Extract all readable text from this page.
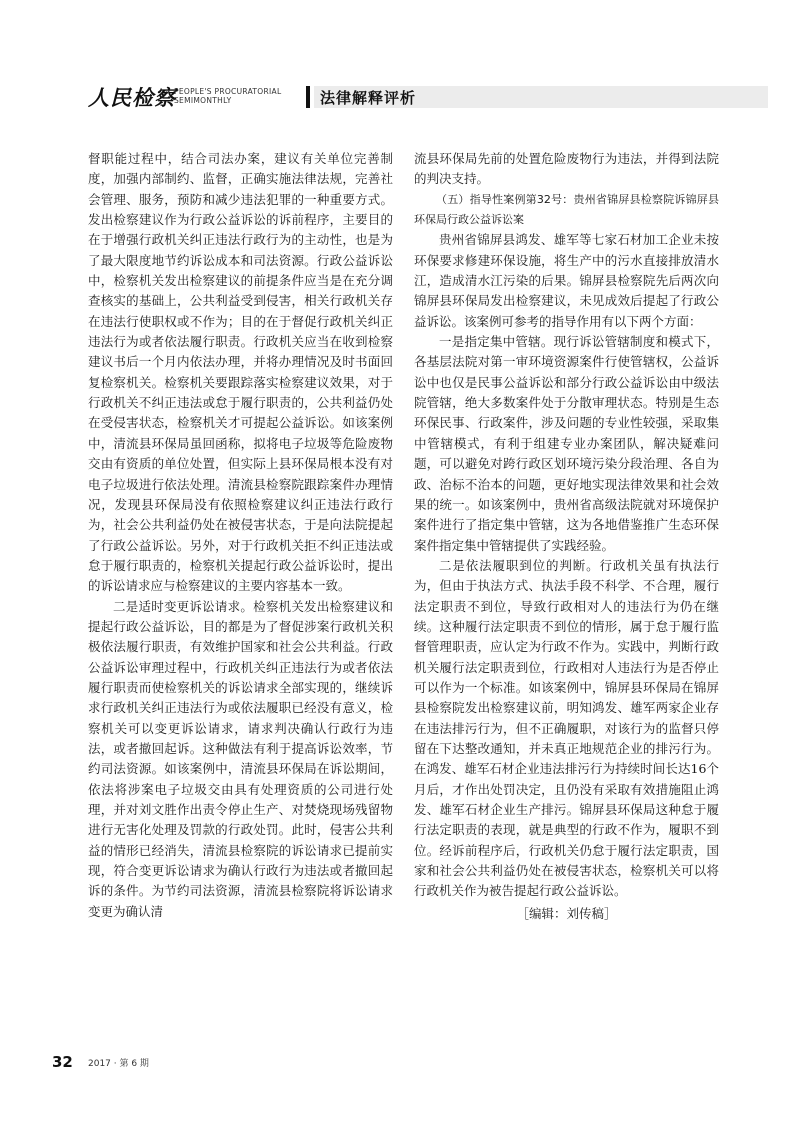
人民检察
PEOPLE'S PROCURATORIAL
SEMIMONTHLY	法律解释评析

督职能过程中，结合司法办案，建议有关单位完善制度，加强内部制约、监督，正确实施法律法规，完善社会管理、服务，预防和减少违法犯罪的一种重要方式。发出检察建议作为行政公益诉讼的诉前程序，主要目的在于增强行政机关纠正违法行政行为的主动性，也是为了最大限度地节约诉讼成本和司法资源。行政公益诉讼中，检察机关发出检察建议的前提条件应当是在充分调查核实的基础上，公共利益受到侵害，相关行政机关存在违法行使职权或不作为；目的在于督促行政机关纠正违法行为或者依法履行职责。行政机关应当在收到检察建议书后一个月内依法办理，并将办理情况及时书面回复检察机关。检察机关要跟踪落实检察建议效果，对于行政机关不纠正违法或怠于履行职责的，公共利益仍处在受侵害状态，检察机关才可提起公益诉讼。如该案例中，清流县环保局虽回函称，拟将电子垃圾等危险废物交由有资质的单位处置，但实际上县环保局根本没有对电子垃圾进行依法处理。清流县检察院跟踪案件办理情况，发现县环保局没有依照检察建议纠正违法行政行为，社会公共利益仍处在被侵害状态，于是向法院提起了行政公益诉讼。另外，对于行政机关拒不纠正违法或怠于履行职责的，检察机关提起行政公益诉讼时，提出的诉讼请求应与检察建议的主要内容基本一致。

二是适时变更诉讼请求。检察机关发出检察建议和提起行政公益诉讼，目的都是为了督促涉案行政机关积极依法履行职责，有效维护国家和社会公共利益。行政公益诉讼审理过程中，行政机关纠正违法行为或者依法履行职责而使检察机关的诉讼请求全部实现的，继续诉求行政机关纠正违法行为或依法履职已经没有意义，检察机关可以变更诉讼请求，请求判决确认行政行为违法，或者撤回起诉。这种做法有利于提高诉讼效率，节约司法资源。如该案例中，清流县环保局在诉讼期间，依法将涉案电子垃圾交由具有处理资质的公司进行处理，并对刘文胜作出责令停止生产、对焚烧现场残留物进行无害化处理及罚款的行政处罚。此时，侵害公共利益的情形已经消失，清流县检察院的诉讼请求已提前实现，符合变更诉讼请求为确认行政行为违法或者撤回起诉的条件。为节约司法资源，清流县检察院将诉讼请求变更为确认清

流县环保局先前的处置危险废物行为违法，并得到法院的判决支持。

（五）指导性案例第32号：贵州省锦屏县检察院诉锦屏县环保局行政公益诉讼案

贵州省锦屏县鸿发、雄军等七家石材加工企业未按环保要求修建环保设施，将生产中的污水直接排放清水江，造成清水江污染的后果。锦屏县检察院先后两次向锦屏县环保局发出检察建议，未见成效后提起了行政公益诉讼。该案例可参考的指导作用有以下两个方面：

一是指定集中管辖。现行诉讼管辖制度和模式下，各基层法院对第一审环境资源案件行使管辖权，公益诉讼中也仅是民事公益诉讼和部分行政公益诉讼由中级法院管辖，绝大多数案件处于分散审理状态。特别是生态环保民事、行政案件，涉及问题的专业性较强，采取集中管辖模式，有利于组建专业办案团队，解决疑难问题，可以避免对跨行政区划环境污染分段治理、各自为政、治标不治本的问题，更好地实现法律效果和社会效果的统一。如该案例中，贵州省高级法院就对环境保护案件进行了指定集中管辖，这为各地借鉴推广生态环保案件指定集中管辖提供了实践经验。

二是依法履职到位的判断。行政机关虽有执法行为，但由于执法方式、执法手段不科学、不合理，履行法定职责不到位，导致行政相对人的违法行为仍在继续。这种履行法定职责不到位的情形，属于怠于履行监督管理职责，应认定为行政不作为。实践中，判断行政机关履行法定职责到位，行政相对人违法行为是否停止可以作为一个标准。如该案例中，锦屏县环保局在锦屏县检察院发出检察建议前，明知鸿发、雄军两家企业存在违法排污行为，但不正确履职，对该行为的监督只停留在下达整改通知，并未真正地规范企业的排污行为。在鸿发、雄军石材企业违法排污行为持续时间长达16个月后，才作出处罚决定，且仍没有采取有效措施阻止鸿发、雄军石材企业生产排污。锦屏县环保局这种怠于履行法定职责的表现，就是典型的行政不作为，履职不到位。经诉前程序后，行政机关仍怠于履行法定职责，国家和社会公共利益仍处在被侵害状态，检察机关可以将行政机关作为被告提起行政公益诉讼。

［编辑：刘传稿］

32 2017 · 第 6 期
